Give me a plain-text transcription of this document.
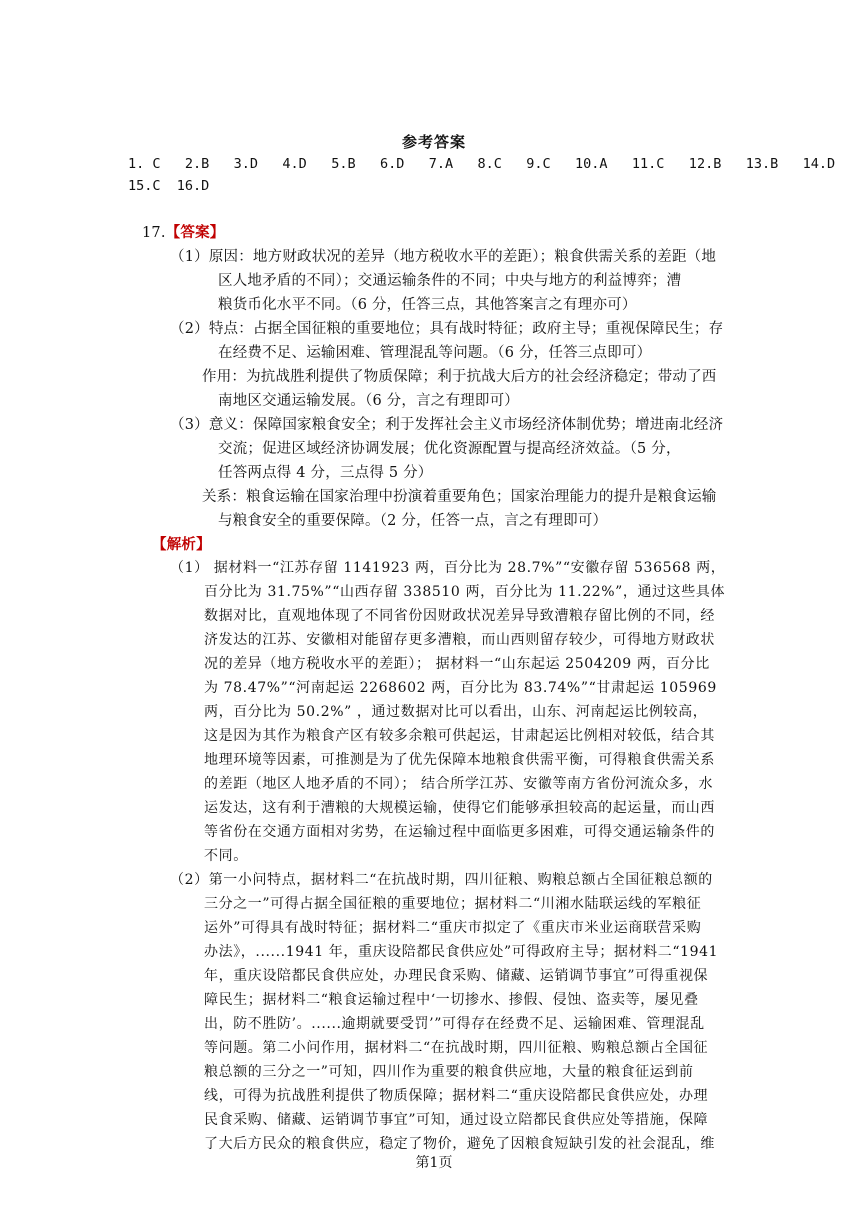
参考答案
1. C   2.B   3.D   4.D   5.B   6.D   7.A   8.C   9.C   10.A   11.C   12.B   13.B   14.D
15.C  16.D
17.【答案】
（1）原因：地方财政状况的差异（地方税收水平的差距）；粮食供需关系的差距（地
区人地矛盾的不同）；交通运输条件的不同；中央与地方的利益博弈；漕
粮货币化水平不同。（6 分，任答三点，其他答案言之有理亦可）
（2）特点：占据全国征粮的重要地位；具有战时特征；政府主导；重视保障民生；存
在经费不足、运输困难、管理混乱等问题。（6 分，任答三点即可）
作用：为抗战胜利提供了物质保障；利于抗战大后方的社会经济稳定；带动了西
南地区交通运输发展。（6 分，言之有理即可）
（3）意义：保障国家粮食安全；利于发挥社会主义市场经济体制优势；增进南北经济
交流；促进区域经济协调发展；优化资源配置与提高经济效益。（5 分，
任答两点得 4 分，三点得 5 分）
关系：粮食运输在国家治理中扮演着重要角色；国家治理能力的提升是粮食运输
与粮食安全的重要保障。（2 分，任答一点，言之有理即可）
【解析】
（1） 据材料一“江苏存留 1141923 两，百分比为 28.7%”“安徽存留 536568 两，
百分比为 31.75%”“山西存留 338510 两，百分比为 11.22%”，通过这些具体
数据对比，直观地体现了不同省份因财政状况差异导致漕粮存留比例的不同，经
济发达的江苏、安徽相对能留存更多漕粮，而山西则留存较少，可得地方财政状
况的差异（地方税收水平的差距）； 据材料一“山东起运 2504209 两，百分比
为 78.47%”“河南起运 2268602 两，百分比为 83.74%”“甘肃起运 105969
两，百分比为 50.2%” ，通过数据对比可以看出，山东、河南起运比例较高，
这是因为其作为粮食产区有较多余粮可供起运，甘肃起运比例相对较低，结合其
地理环境等因素，可推测是为了优先保障本地粮食供需平衡，可得粮食供需关系
的差距（地区人地矛盾的不同）； 结合所学江苏、安徽等南方省份河流众多，水
运发达，这有利于漕粮的大规模运输，使得它们能够承担较高的起运量，而山西
等省份在交通方面相对劣势，在运输过程中面临更多困难，可得交通运输条件的
不同。
（2）第一小问特点，据材料二“在抗战时期，四川征粮、购粮总额占全国征粮总额的
三分之一”可得占据全国征粮的重要地位；据材料二“川湘水陆联运线的军粮征
运外”可得具有战时特征；据材料二“重庆市拟定了《重庆市米业运商联营采购
办法》，......1941 年，重庆设陪都民食供应处”可得政府主导；据材料二“1941
年，重庆设陪都民食供应处，办理民食采购、储藏、运销调节事宜”可得重视保
障民生；据材料二“粮食运输过程中‘一切掺水、掺假、侵蚀、盗卖等，屡见叠
出，防不胜防’。......逾期就要受罚’”可得存在经费不足、运输困难、管理混乱
等问题。第二小问作用，据材料二“在抗战时期，四川征粮、购粮总额占全国征
粮总额的三分之一”可知，四川作为重要的粮食供应地，大量的粮食征运到前
线，可得为抗战胜利提供了物质保障；据材料二“重庆设陪都民食供应处，办理
民食采购、储藏、运销调节事宜”可知，通过设立陪都民食供应处等措施，保障
了大后方民众的粮食供应，稳定了物价，避免了因粮食短缺引发的社会混乱，维
第1页
